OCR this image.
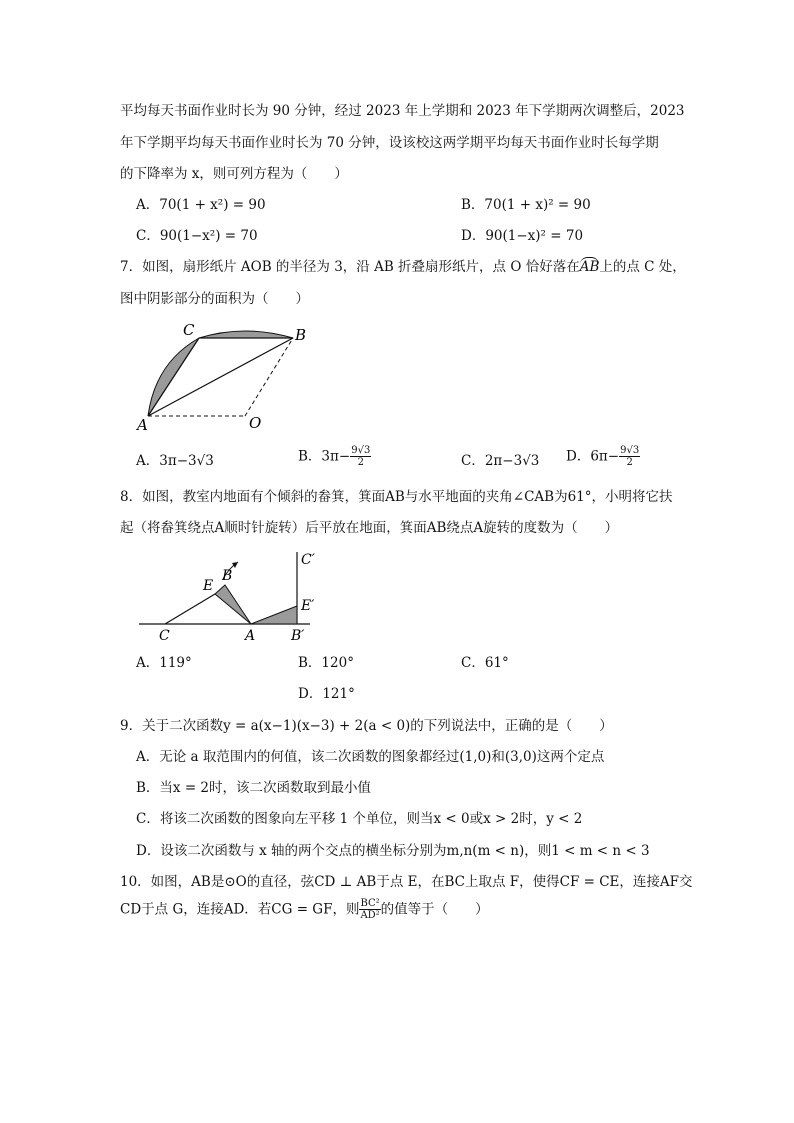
平均每天书面作业时长为 90 分钟，经过 2023 年上学期和 2023 年下学期两次调整后，2023
年下学期平均每天书面作业时长为 70 分钟，设该校这两学期平均每天书面作业时长每学期
的下降率为 x，则可列方程为（　　）
A．70(1 + x²) = 90	B．70(1 + x)² = 90
C．90(1−x²) = 70	D．90(1−x)² = 70
7．如图，扇形纸片 AOB 的半径为 3，沿 AB 折叠扇形纸片，点 O 恰好落在AB上的点 C 处，
图中阴影部分的面积为（　　）
C	B
A	O
A．3π−3√3	B．$3\pi- \frac{9√3}{2}$	C．2π−3√3 D．$6\pi- \frac{9√3}{2}$
8．如图，教室内地面有个倾斜的畚箕，箕面AB与水平地面的夹角∠CAB为61°，小明将它扶
起（将畚箕绕点A顺时针旋转）后平放在地面，箕面AB绕点A旋转的度数为（　　）
E
B
C	A	B′
E′
C′
A．119°	B．120°	C．61°
D．121°
9．关于二次函数y = a(x−1)(x−3) + 2(a < 0)的下列说法中，正确的是（　　）
A．无论 a 取范围内的何值，该二次函数的图象都经过(1,0)和(3,0)这两个定点
B．当x = 2时，该二次函数取到最小值
C．将该二次函数的图象向左平移 1 个单位，则当x < 0或x > 2时，y < 2
D．设该二次函数与 x 轴的两个交点的横坐标分别为m,n(m < n)，则1 < m < n < 3
10．如图，AB是⊙O的直径，弦CD ⊥ AB于点 E，在BC上取点 F，使得CF = CE，连接AF交
CD于点 G，连接AD．若CG = GF，则 $\frac{\text{BC²}}{\text{AD²}}$ 的值等于（　　）
